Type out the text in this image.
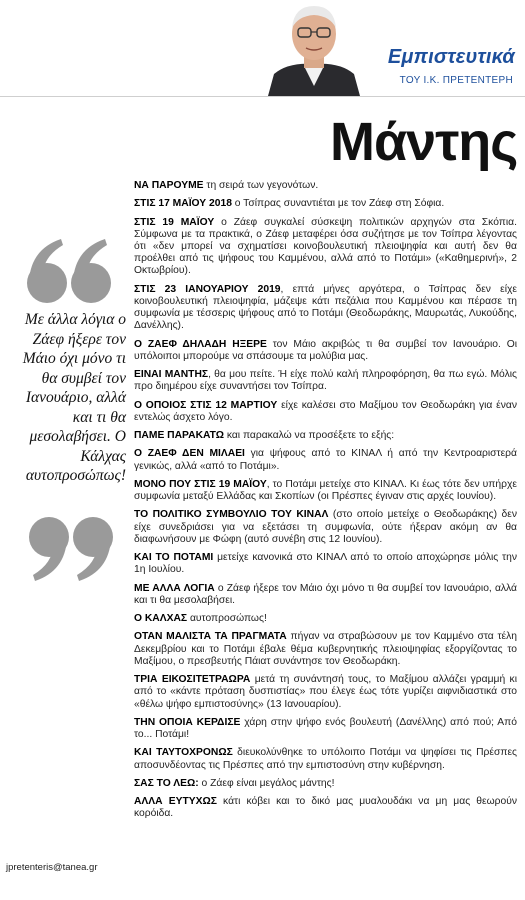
Εμπιστευτικά
ΤΟΥ Ι.Κ. ΠΡΕΤΕΝΤΕΡΗ
Με άλλα λόγια ο Ζάεφ ήξερε τον Μάιο όχι μόνο τι θα συμβεί τον Ιανουάριο, αλλά και τι θα μεσολαβήσει. Ο Κάλχας αυτοπροσώπως!
jpretenteris@tanea.gr
Μάντης

ΝΑ ΠΑΡΟΥΜΕ τη σειρά των γεγονότων.

ΣΤΙΣ 17 ΜΑΪΟΥ 2018 ο Τσίπρας συναντιέται με τον Ζάεφ στη Σόφια.

ΣΤΙΣ 19 ΜΑΪΟΥ ο Ζάεφ συγκαλεί σύσκεψη πολιτικών αρχηγών στα Σκόπια. Σύμφωνα με τα πρακτικά, ο Ζάεφ μεταφέρει όσα συζήτησε με τον Τσίπρα λέγοντας ότι «δεν μπορεί να σχηματίσει κοινοβουλευτική πλειοψηφία και αυτή δεν θα προέλθει από τις ψήφους του Καμμένου, αλλά από το Ποτάμι» («Καθημερινή», 2 Οκτωβρίου).

ΣΤΙΣ 23 ΙΑΝΟΥΑΡΙΟΥ 2019, επτά μήνες αργότερα, ο Τσίπρας δεν είχε κοινοβουλευτική πλειοψηφία, μάζεψε κάτι πεζάλια που Καμμένου και πέρασε τη συμφωνία με τέσσερις ψήφους από το Ποτάμι (Θεοδωράκης, Μαυρωτάς, Λυκούδης, Δανέλλης).

Ο ΖΑΕΦ ΔΗΛΑΔΗ ΗΞΕΡΕ τον Μάιο ακριβώς τι θα συμβεί τον Ιανουάριο. Οι υπόλοιποι μπορούμε να σπάσουμε τα μολύβια μας.

ΕΙΝΑΙ ΜΑΝΤΗΣ, θα μου πείτε. Ή είχε πολύ καλή πληροφόρηση, θα πω εγώ. Μόλις προ διημέρου είχε συναντήσει τον Τσίπρα.

Ο ΟΠΟΙΟΣ ΣΤΙΣ 12 ΜΑΡΤΙΟΥ είχε καλέσει στο Μαξίμου τον Θεοδωράκη για έναν εντελώς άσχετο λόγο.

ΠΑΜΕ ΠΑΡΑΚΑΤΩ και παρακαλώ να προσέξετε το εξής:

Ο ΖΑΕΦ ΔΕΝ ΜΙΛΑΕΙ για ψήφους από το ΚΙΝΑΛ ή από την Κεντροαριστερά γενικώς, αλλά «από το Ποτάμι».

ΜΟΝΟ ΠΟΥ ΣΤΙΣ 19 ΜΑΪΟΥ, το Ποτάμι μετείχε στο ΚΙΝΑΛ. Κι έως τότε δεν υπήρχε συμφωνία μεταξύ Ελλάδας και Σκοπίων (οι Πρέσπες έγιναν στις αρχές Ιουνίου).

ΤΟ ΠΟΛΙΤΙΚΟ ΣΥΜΒΟΥΛΙΟ ΤΟΥ ΚΙΝΑΛ (στο οποίο μετείχε ο Θεοδωράκης) δεν είχε συνεδριάσει για να εξετάσει τη συμφωνία, ούτε ήξεραν ακόμη αν θα διαφωνήσουν με Φώφη (αυτό συνέβη στις 12 Ιουνίου).

ΚΑΙ ΤΟ ΠΟΤΑΜΙ μετείχε κανονικά στο ΚΙΝΑΛ από το οποίο αποχώρησε μόλις την 1η Ιουλίου.

ΜΕ ΑΛΛΑ ΛΟΓΙΑ ο Ζάεφ ήξερε τον Μάιο όχι μόνο τι θα συμβεί τον Ιανουάριο, αλλά και τι θα μεσολαβήσει.

Ο ΚΑΛΧΑΣ αυτοπροσώπως!

ΟΤΑΝ ΜΑΛΙΣΤΑ ΤΑ ΠΡΑΓΜΑΤΑ πήγαν να στραβώσουν με τον Καμμένο στα τέλη Δεκεμβρίου και το Ποτάμι έβαλε θέμα κυβερνητικής πλειοψηφίας εξοργίζοντας το Μαξίμου, ο πρεσβευτής Πάιατ συνάντησε τον Θεοδωράκη.

ΤΡΙΑ ΕΙΚΟΣΙΤΕΤΡΑΩΡΑ μετά τη συνάντησή τους, το Μαξίμου αλλάζει γραμμή κι από το «κάντε πρόταση δυσπιστίας» που έλεγε έως τότε γυρίζει αιφνιδιαστικά στο «θέλω ψήφο εμπιστοσύνης» (13 Ιανουαρίου).

ΤΗΝ ΟΠΟΙΑ ΚΕΡΔΙΣΕ χάρη στην ψήφο ενός βουλευτή (Δανέλλης) από πού; Από το... Ποτάμι!

ΚΑΙ ΤΑΥΤΟΧΡΟΝΩΣ διευκολύνθηκε το υπόλοιπο Ποτάμι να ψηφίσει τις Πρέσπες αποσυνδέοντας τις Πρέσπες από την εμπιστοσύνη στην κυβέρνηση.

ΣΑΣ ΤΟ ΛΕΩ: ο Ζάεφ είναι μεγάλος μάντης!

ΑΛΛΑ ΕΥΤΥΧΩΣ κάτι κόβει και το δικό μας μυαλουδάκι να μη μας θεωρούν κορόιδα.
